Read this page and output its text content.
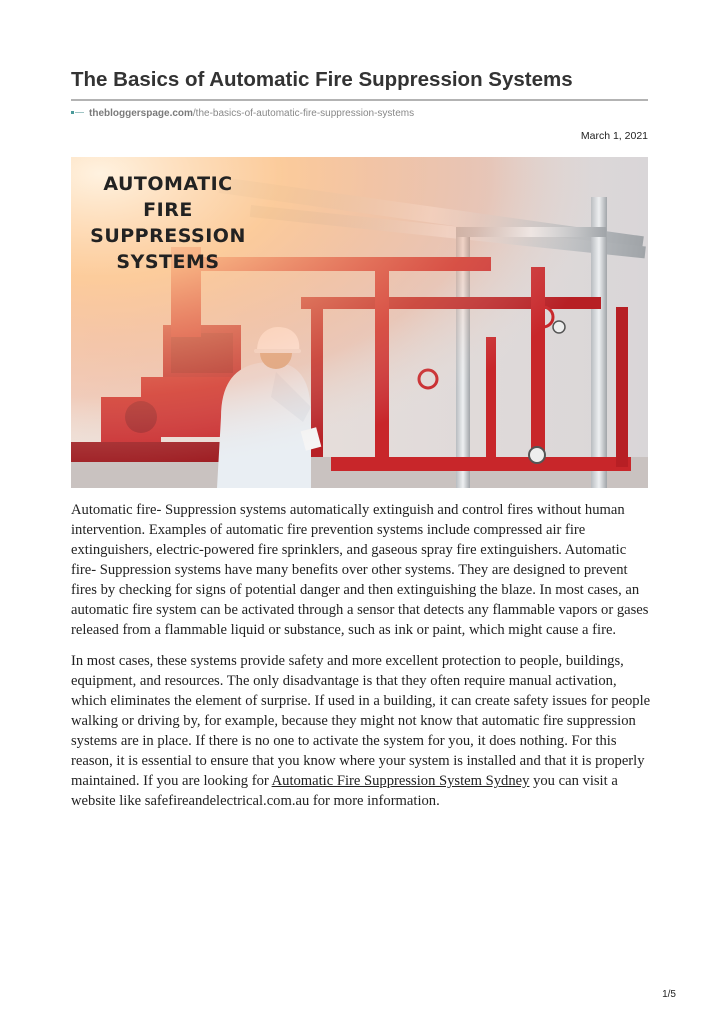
The Basics of Automatic Fire Suppression Systems
thebloggerspage.com/the-basics-of-automatic-fire-suppression-systems
March 1, 2021
AUTOMATIC FIRE
SUPPRESSION
SYSTEMS

Automatic fire- Suppression systems automatically extinguish and control fires without human intervention. Examples of automatic fire prevention systems include compressed air fire extinguishers, electric-powered fire sprinklers, and gaseous spray fire extinguishers. Automatic fire- Suppression systems have many benefits over other systems. They are designed to prevent fires by checking for signs of potential danger and then extinguishing the blaze. In most cases, an automatic fire system can be activated through a sensor that detects any flammable vapors or gases released from a flammable liquid or substance, such as ink or paint, which might cause a fire.

In most cases, these systems provide safety and more excellent protection to people, buildings, equipment, and resources. The only disadvantage is that they often require manual activation, which eliminates the element of surprise. If used in a building, it can create safety issues for people walking or driving by, for example, because they might not know that automatic fire suppression systems are in place. If there is no one to activate the system for you, it does nothing. For this reason, it is essential to ensure that you know where your system is installed and that it is properly maintained. If you are looking for Automatic Fire Suppression System Sydney you can visit a website like safefireandelectrical.com.au for more information.

1/5
